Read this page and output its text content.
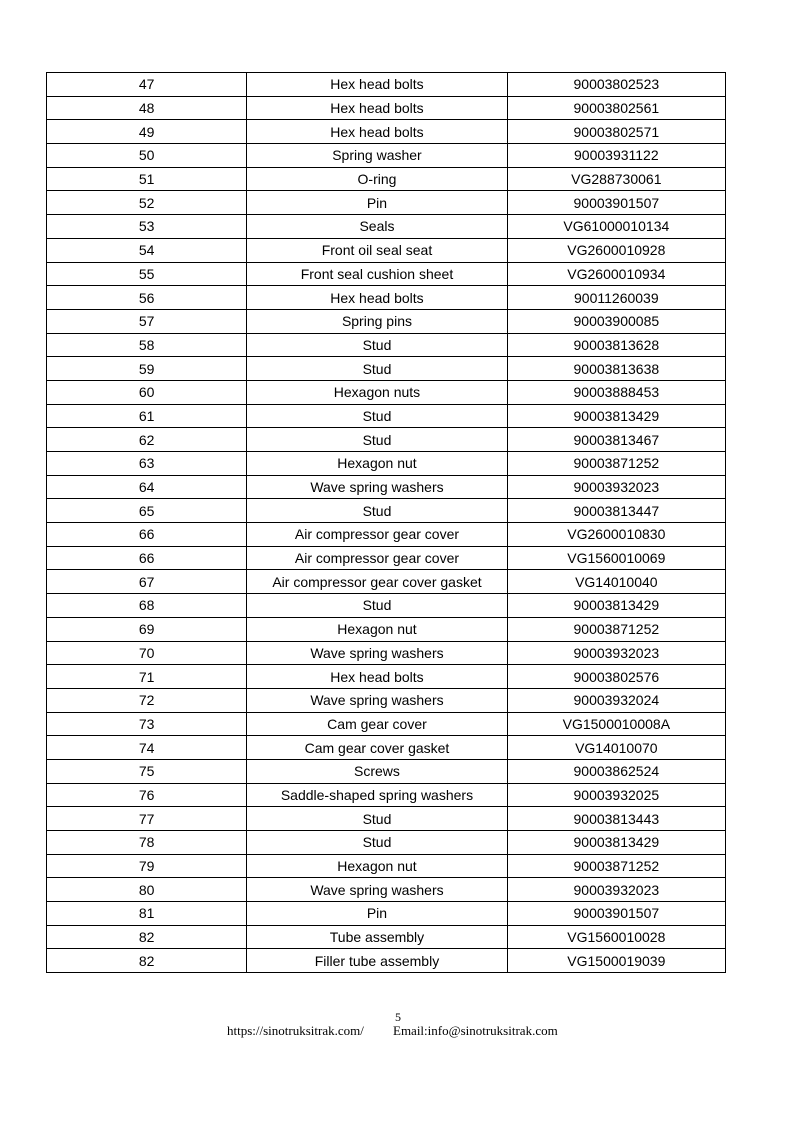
47	Hex head bolts	90003802523
48	Hex head bolts	90003802561
49	Hex head bolts	90003802571
50	Spring washer	90003931122
51	O-ring	VG288730061
52	Pin	90003901507
53	Seals	VG61000010134
54	Front oil seal seat	VG2600010928
55	Front seal cushion sheet	VG2600010934
56	Hex head bolts	90011260039
57	Spring pins	90003900085
58	Stud	90003813628
59	Stud	90003813638
60	Hexagon nuts	90003888453
61	Stud	90003813429
62	Stud	90003813467
63	Hexagon nut	90003871252
64	Wave spring washers	90003932023
65	Stud	90003813447
66	Air compressor gear cover	VG2600010830
66	Air compressor gear cover	VG1560010069
67	Air compressor gear cover gasket	VG14010040
68	Stud	90003813429
69	Hexagon nut	90003871252
70	Wave spring washers	90003932023
71	Hex head bolts	90003802576
72	Wave spring washers	90003932024
73	Cam gear cover	VG1500010008A
74	Cam gear cover gasket	VG14010070
75	Screws	90003862524
76	Saddle-shaped spring washers	90003932025
77	Stud	90003813443
78	Stud	90003813429
79	Hexagon nut	90003871252
80	Wave spring washers	90003932023
81	Pin	90003901507
82	Tube assembly	VG1560010028
82	Filler tube assembly	VG1500019039
5
https://sinotruksitrak.com/ Email:info@sinotruksitrak.com
